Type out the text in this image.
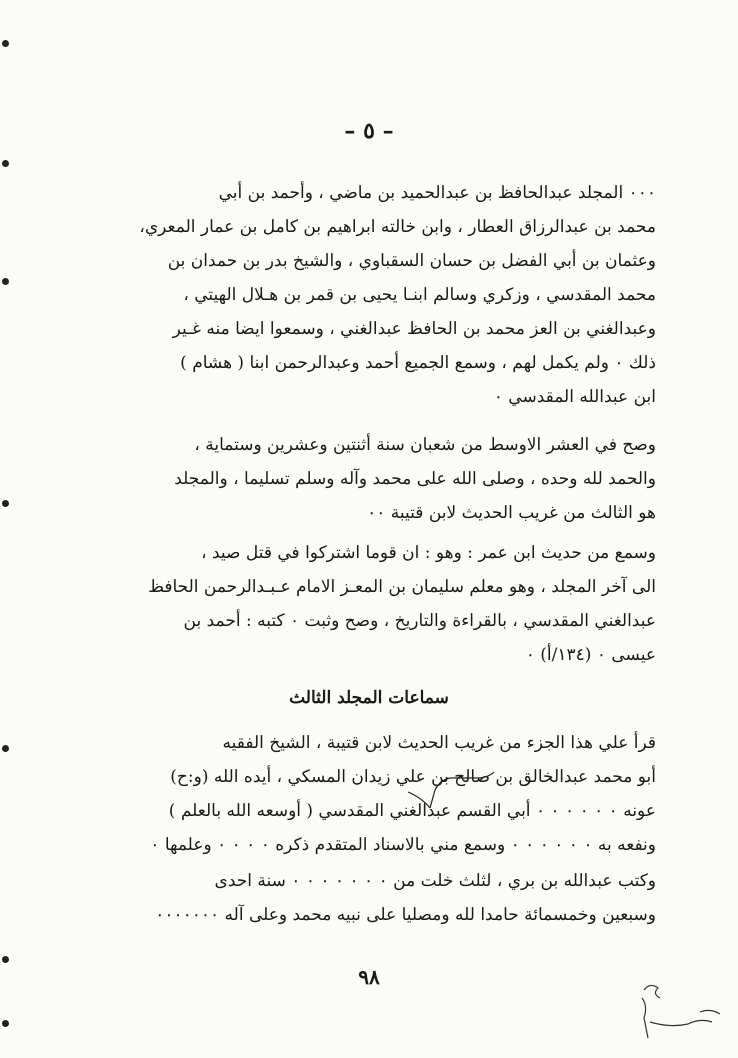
– ٥ –

٠٠٠ المجلد عبدالحافظ بن عبدالحميد بن ماضي ، وأحمد بن أبي

محمد بن عبدالرزاق العطار ، وابن خالته ابراهيم بن كامل بن عمار المعري،

وعثمان بن أبي الفضل بن حسان السقباوي ، والشيخ بدر بن حمدان بن

محمد المقدسي ، وزكري وسالم ابنـا يحيى بن قمر بن هـلال الهيتي ،

وعبدالغني بن العز محمد بن الحافظ عبدالغني ، وسمعوا ايضا منه غـير

ذلك ٠ ولم يكمل لهم ، وسمع الجميع أحمد وعبدالرحمن ابنا ( هشام )

ابن عبدالله المقدسي ٠

وصح في العشر الاوسط من شعبان سنة أثنتين وعشرين وستماية ،

والحمد لله وحده ، وصلى الله على محمد وآله وسلم تسليما ، والمجلد

هو الثالث من غريب الحديث لابن قتيبة ٠٠

وسمع من حديث ابن عمر : وهو : ان قوما اشتركوا في قتل صيد ،

الى آخر المجلد ، وهو معلم سليمان بن المعـز الامام عـبـدالرحمن الحافظ

عبدالغني المقدسي ، بالقراءة والتاريخ ، وصح وثبت ٠ كتبه : أحمد بن

عيسى ٠ (١٣٤/أ) ٠

سماعات المجلد الثالث

قرأ علي هذا الجزء من غريب الحديث لابن قتيبة ، الشيخ الفقيه

أبو محمد عبدالخالق بن صالح بن علي زيدان المسكي ، أيده الله (و:ح)

عونه ٠ ٠ ٠ ٠ ٠ ٠ أبي القسم عبدالغني المقدسي ( أوسعه الله بالعلم )

ونفعه به ٠ ٠ ٠ ٠ ٠ ٠ وسمع مني بالاسناد المتقدم ذكره ٠ ٠ ٠ ٠ وعلمها ٠

وكتب عبدالله بن بري ، لثلث خلت من ٠ ٠ ٠ ٠ ٠ ٠ ٠ سنة احدى

وسبعين وخمسمائة حامدا لله ومصليا على نبيه محمد وعلى آله ٠٠٠٠٠٠٠

٩٨
